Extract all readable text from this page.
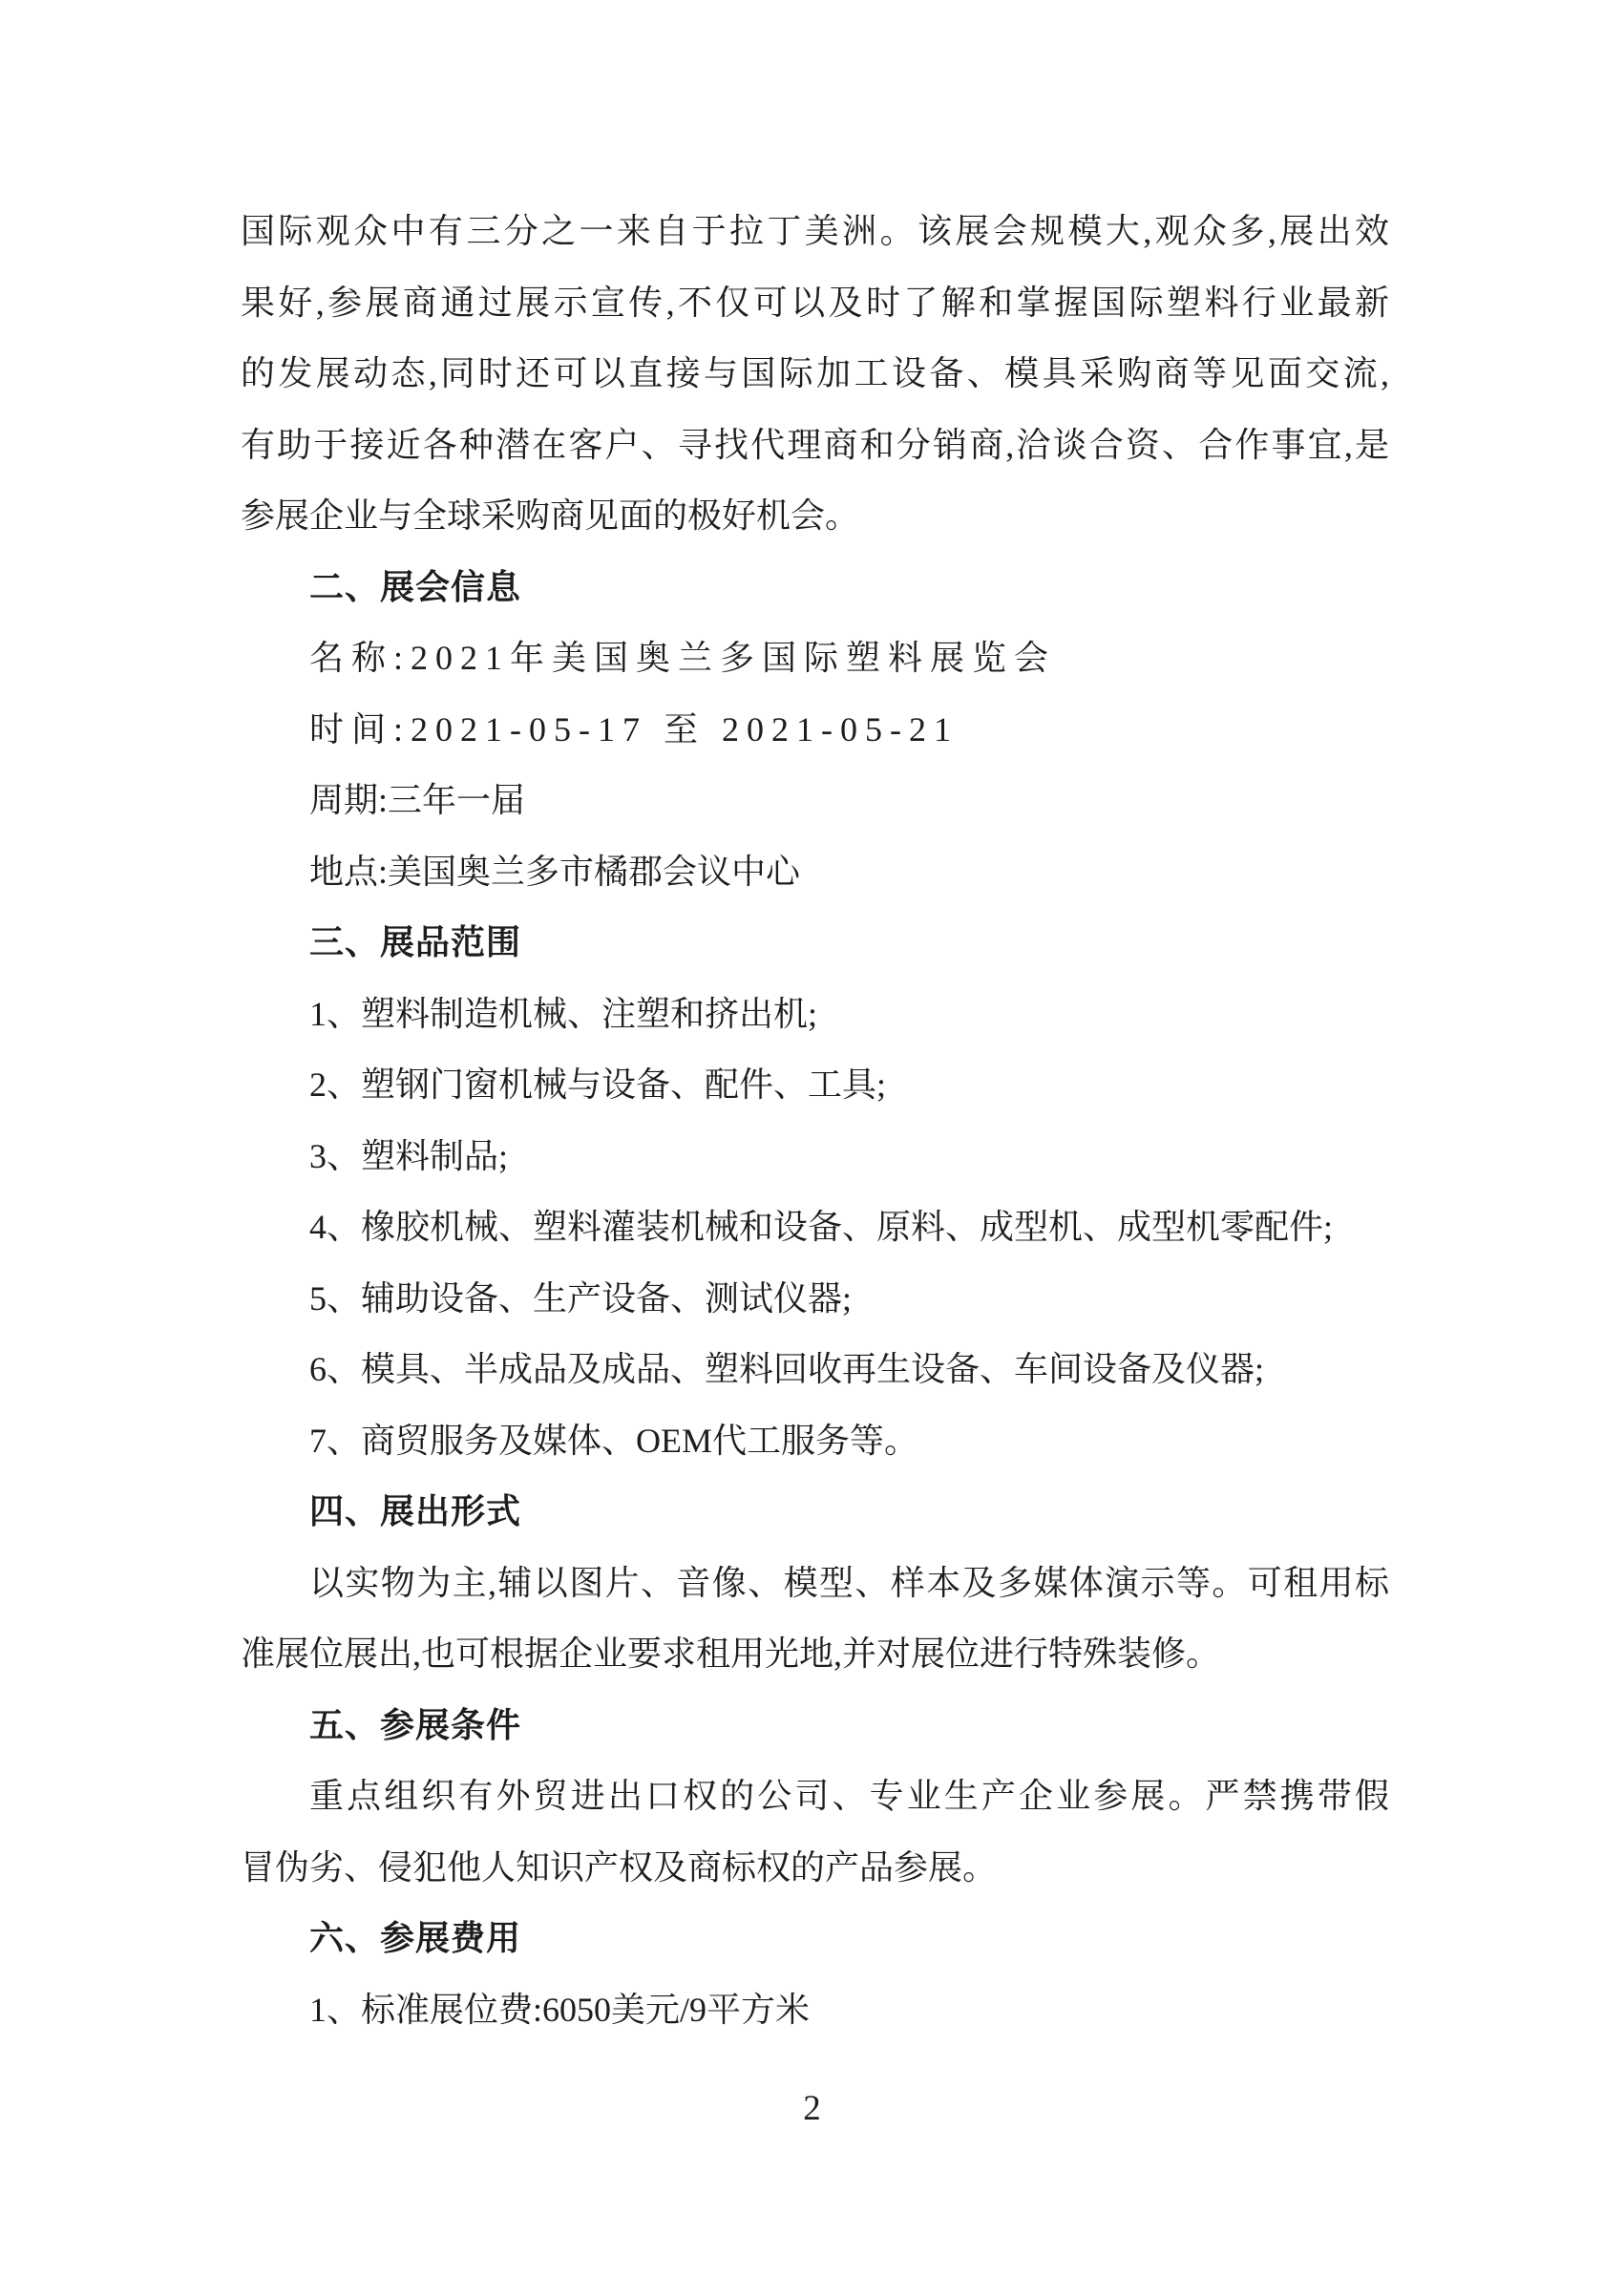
国际观众中有三分之一来自于拉丁美洲。该展会规模大,观众多,展出效
果好,参展商通过展示宣传,不仅可以及时了解和掌握国际塑料行业最新
的发展动态,同时还可以直接与国际加工设备、模具采购商等见面交流,
有助于接近各种潜在客户、寻找代理商和分销商,洽谈合资、合作事宜,是
参展企业与全球采购商见面的极好机会。
二、展会信息
名称:2021年美国奥兰多国际塑料展览会
时间:2021-05-17 至 2021-05-21
周期:三年一届
地点:美国奥兰多市橘郡会议中心
三、展品范围
1、塑料制造机械、注塑和挤出机;
2、塑钢门窗机械与设备、配件、工具;
3、塑料制品;
4、橡胶机械、塑料灌装机械和设备、原料、成型机、成型机零配件;
5、辅助设备、生产设备、测试仪器;
6、模具、半成品及成品、塑料回收再生设备、车间设备及仪器;
7、商贸服务及媒体、OEM代工服务等。
四、展出形式
以实物为主,辅以图片、音像、模型、样本及多媒体演示等。可租用标
准展位展出,也可根据企业要求租用光地,并对展位进行特殊装修。
五、参展条件
重点组织有外贸进出口权的公司、专业生产企业参展。严禁携带假
冒伪劣、侵犯他人知识产权及商标权的产品参展。
六、参展费用
1、标准展位费:6050美元/9平方米
2
